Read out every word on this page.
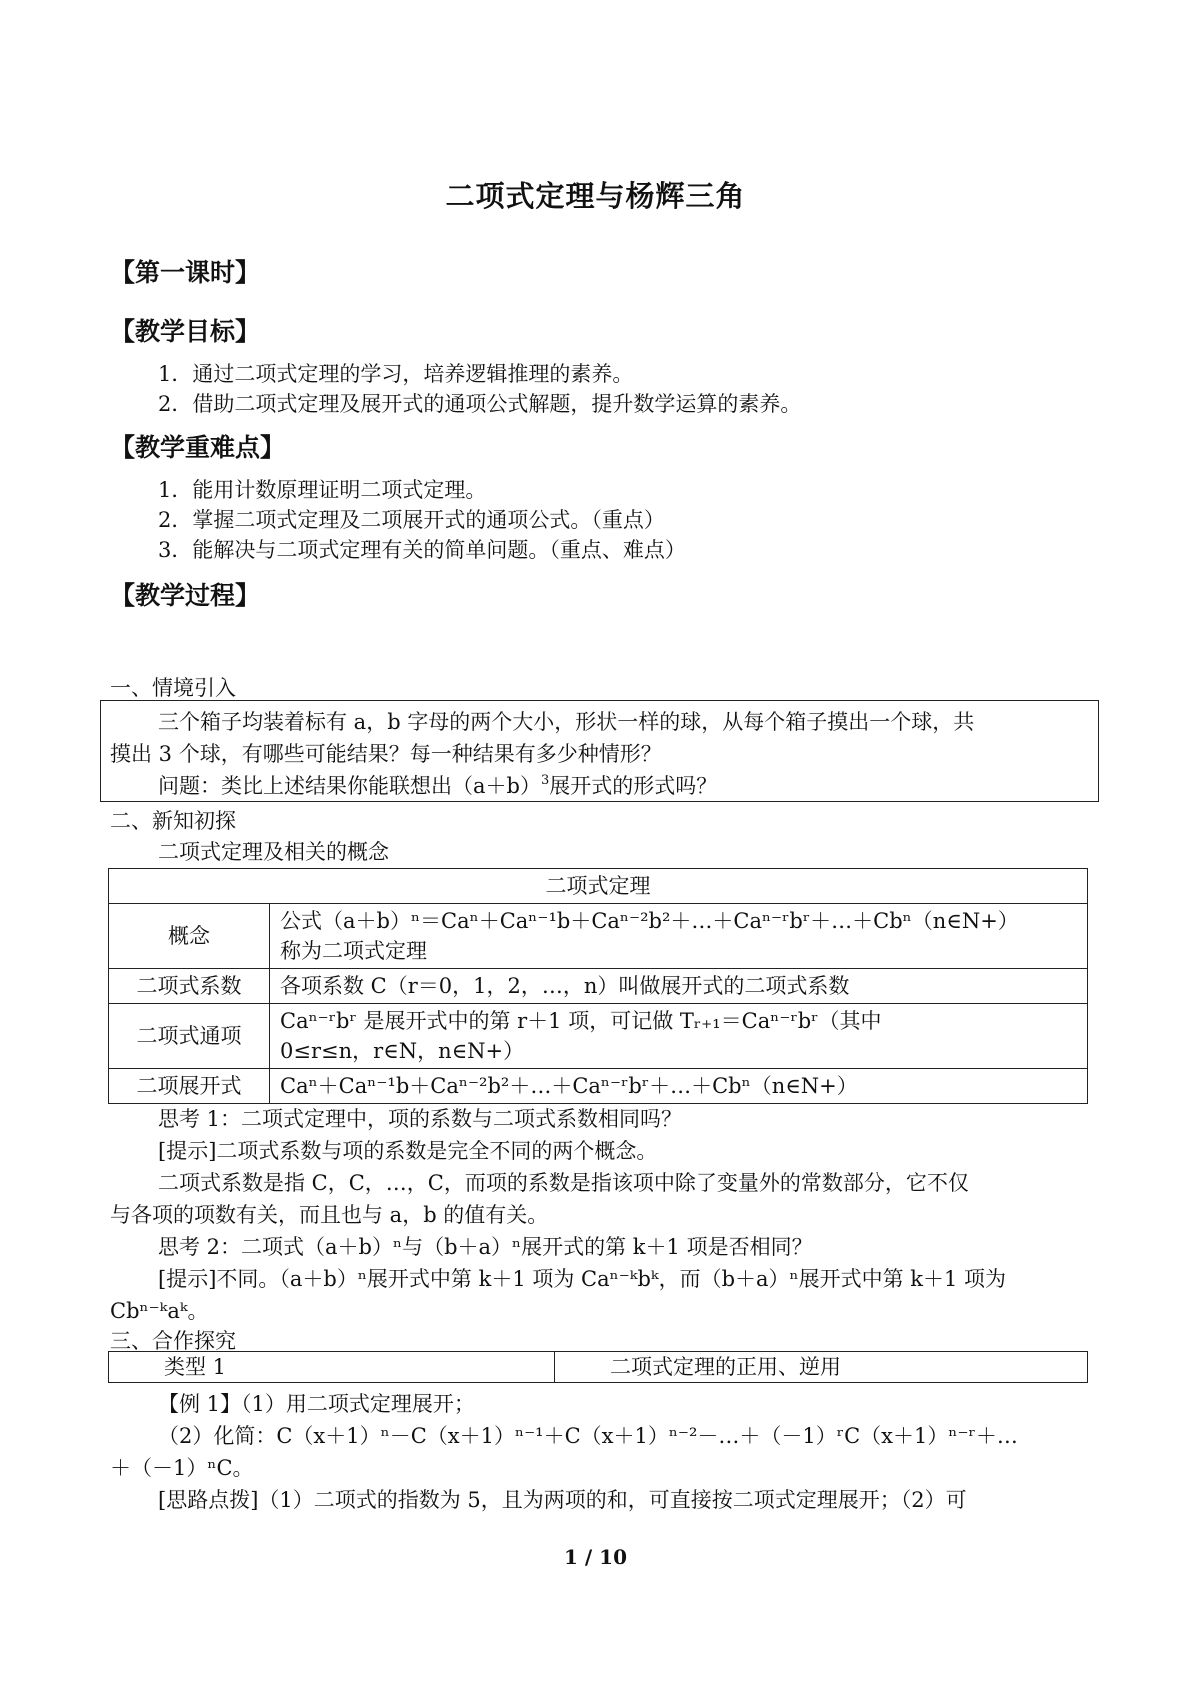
二项式定理与杨辉三角
【第一课时】
【教学目标】
1．通过二项式定理的学习，培养逻辑推理的素养。
2．借助二项式定理及展开式的通项公式解题，提升数学运算的素养。
【教学重难点】
1．能用计数原理证明二项式定理。
2．掌握二项式定理及二项展开式的通项公式。（重点）
3．能解决与二项式定理有关的简单问题。（重点、难点）
【教学过程】
一、情境引入
三个箱子均装着标有 a，b 字母的两个大小，形状一样的球，从每个箱子摸出一个球，共
摸出 3 个球，有哪些可能结果？每一种结果有多少种情形？
问题：类比上述结果你能联想出$(a+b)^3$展开式的形式吗？
二、新知初探
二项式定理及相关的概念
二项式定理	
概念	公式（a＋b）ⁿ＝Caⁿ＋Caⁿ⁻¹b＋Caⁿ⁻²b²＋…＋Caⁿ⁻ʳbʳ＋…＋Cbⁿ（n∈N+）
称为二项式定理

二项式系数	各项系数 C（r＝0，1，2，…，n）叫做展开式的二项式系数
二项式通项	Caⁿ⁻ʳbʳ 是展开式中的第 r＋1 项，可记做 Tᵣ₊₁＝Caⁿ⁻ʳbʳ（其中
0≤r≤n，r∈N，n∈N+）

二项展开式	Caⁿ＋Caⁿ⁻¹b＋Caⁿ⁻²b²＋…＋Caⁿ⁻ʳbʳ＋…＋Cbⁿ（n∈N+）
思考 1：二项式定理中，项的系数与二项式系数相同吗？
[提示]二项式系数与项的系数是完全不同的两个概念。
二项式系数是指 C，C，…，C，而项的系数是指该项中除了变量外的常数部分，它不仅
与各项的项数有关，而且也与 a，b 的值有关。
思考 2：二项式（a＋b）ⁿ与（b＋a）ⁿ展开式的第 k＋1 项是否相同？
[提示]不同。（a＋b）ⁿ展开式中第 k＋1 项为 Caⁿ⁻ᵏbᵏ，而（b＋a）ⁿ展开式中第 k＋1 项为
Cbⁿ⁻ᵏaᵏ。
三、合作探究
类型 1	二项式定理的正用、逆用
【例 1】（1）用二项式定理展开；
（2）化简：C（x＋1）ⁿ－C（x＋1）ⁿ⁻¹＋C（x＋1）ⁿ⁻²－…＋（－1）ʳC（x＋1）ⁿ⁻ʳ＋…
＋（－1）ⁿC。
[思路点拨]（1）二项式的指数为 5，且为两项的和，可直接按二项式定理展开；（2）可
1 / 10
